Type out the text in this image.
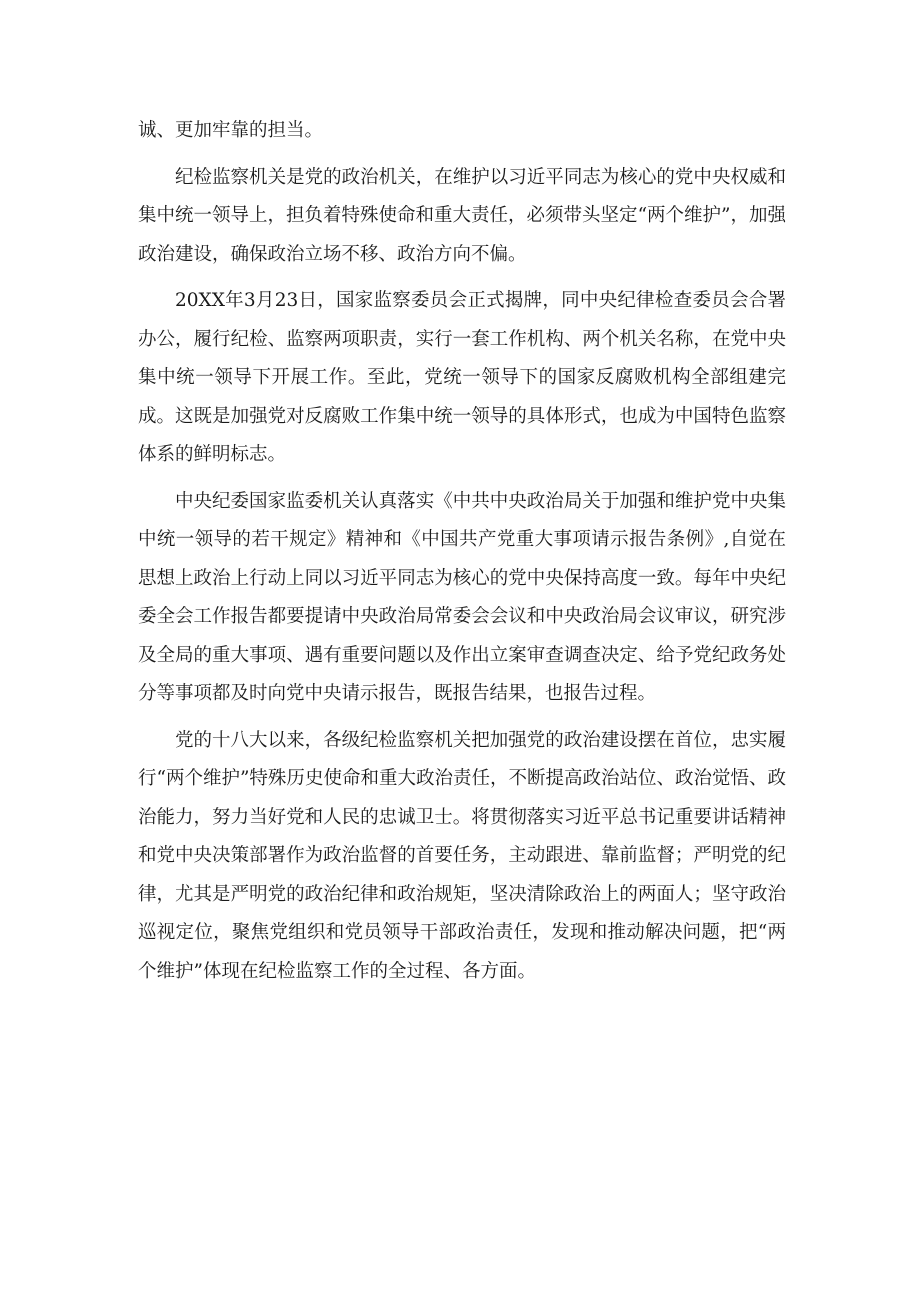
诚、更加牢靠的担当。

纪检监察机关是党的政治机关，在维护以习近平同志为核心的党中央权威和集中统一领导上，担负着特殊使命和重大责任，必须带头坚定“两个维护”，加强政治建设，确保政治立场不移、政治方向不偏。

20XX年3月23日，国家监察委员会正式揭牌，同中央纪律检查委员会合署办公，履行纪检、监察两项职责，实行一套工作机构、两个机关名称，在党中央集中统一领导下开展工作。至此，党统一领导下的国家反腐败机构全部组建完成。这既是加强党对反腐败工作集中统一领导的具体形式，也成为中国特色监察体系的鲜明标志。

中央纪委国家监委机关认真落实《中共中央政治局关于加强和维护党中央集中统一领导的若干规定》精神和《中国共产党重大事项请示报告条例》,自觉在思想上政治上行动上同以习近平同志为核心的党中央保持高度一致。每年中央纪委全会工作报告都要提请中央政治局常委会会议和中央政治局会议审议，研究涉及全局的重大事项、遇有重要问题以及作出立案审查调查决定、给予党纪政务处分等事项都及时向党中央请示报告，既报告结果，也报告过程。

党的十八大以来，各级纪检监察机关把加强党的政治建设摆在首位，忠实履行“两个维护”特殊历史使命和重大政治责任，不断提高政治站位、政治觉悟、政治能力，努力当好党和人民的忠诚卫士。将贯彻落实习近平总书记重要讲话精神和党中央决策部署作为政治监督的首要任务，主动跟进、靠前监督；严明党的纪律，尤其是严明党的政治纪律和政治规矩，坚决清除政治上的两面人；坚守政治巡视定位，聚焦党组织和党员领导干部政治责任，发现和推动解决问题，把“两个维护”体现在纪检监察工作的全过程、各方面。
